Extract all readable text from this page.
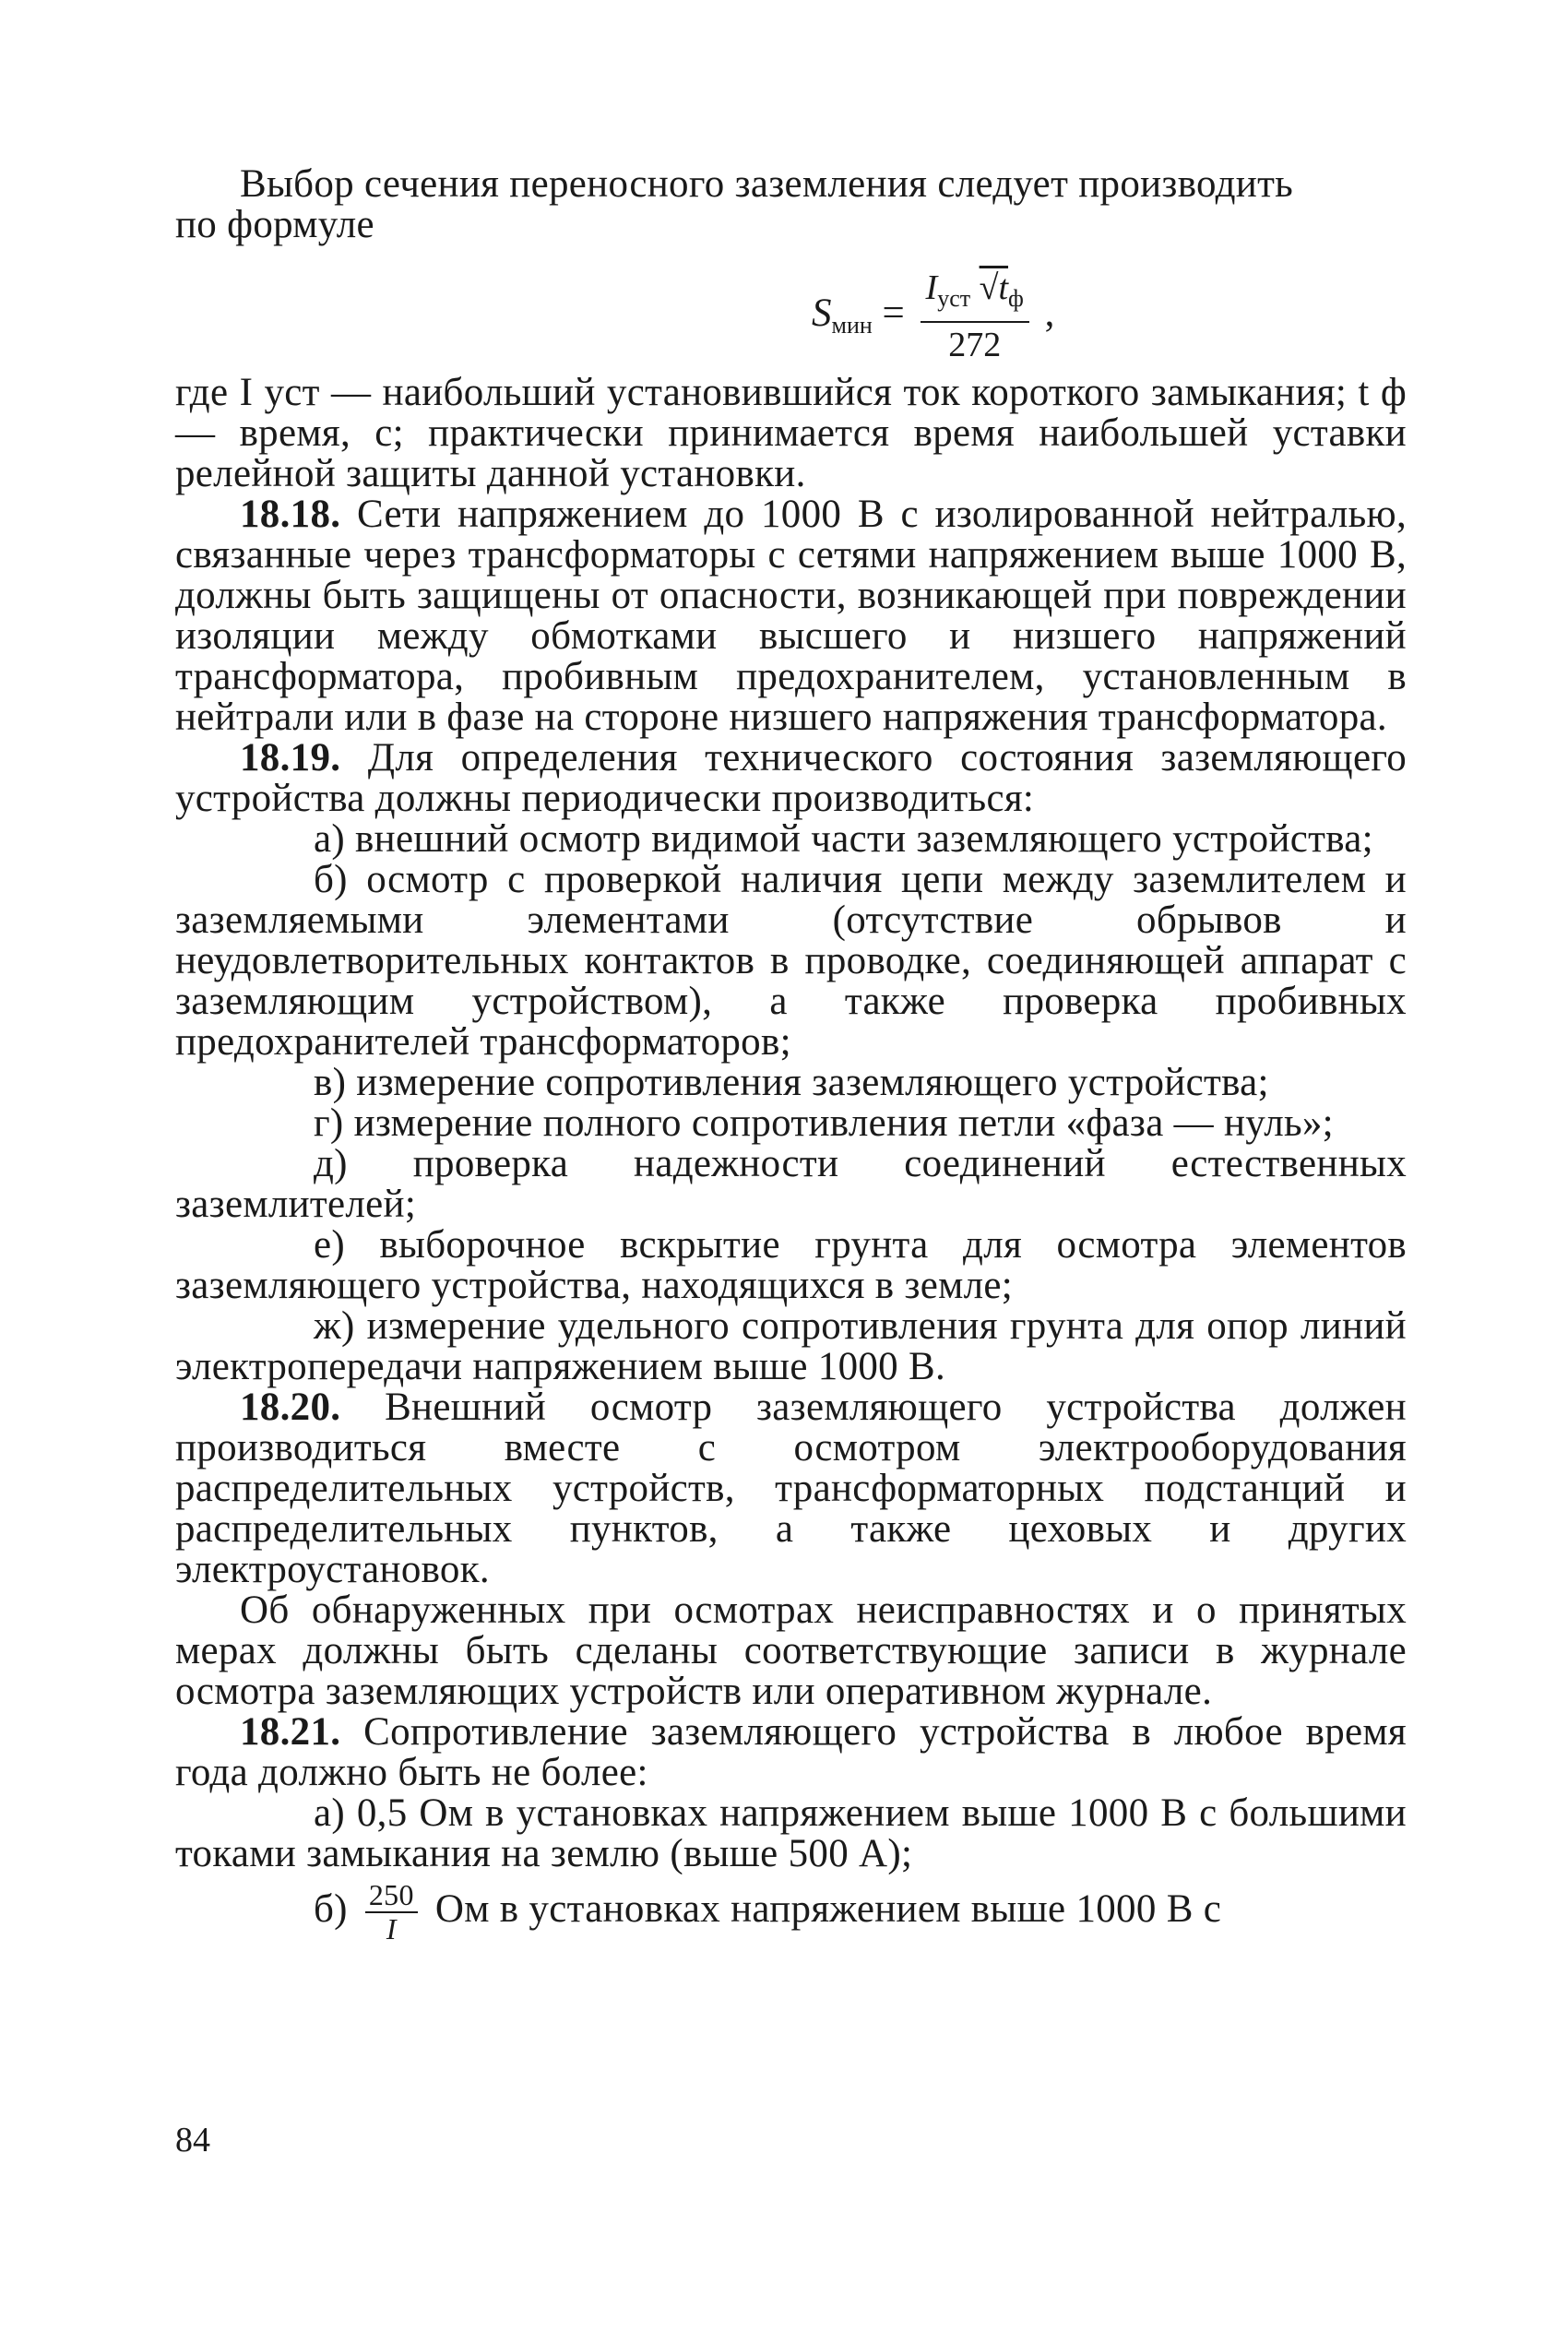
Выбор сечения переносного заземления следует производить

по формуле

$S_{мин} = \frac{I_{уст} √t_ф}{272}$ ,

где I уст — наибольший установившийся ток короткого замыкания; t ф — время, с; практически принимается время наибольшей уставки релейной защиты данной установки.

18.18. Сети напряжением до 1000 В с изолированной нейтралью, связанные через трансформаторы с сетями напряжением выше 1000 В, должны быть защищены от опасности, возникающей при повреждении изоляции между обмотками высшего и низшего напряжений трансформатора, пробивным предохранителем, установленным в нейтрали или в фазе на стороне низшего напряжения трансформатора.

18.19. Для определения технического состояния заземляющего устройства должны периодически производиться:

а) внешний осмотр видимой части заземляющего устройства;

б) осмотр с проверкой наличия цепи между заземлителем и заземляемыми элементами (отсутствие обрывов и неудовлетворительных контактов в проводке, соединяющей аппарат с заземляющим устройством), а также проверка пробивных предохранителей трансформаторов;

в) измерение сопротивления заземляющего устройства;

г) измерение полного сопротивления петли «фаза — нуль»;

д) проверка надежности соединений естественных заземлителей;

е) выборочное вскрытие грунта для осмотра элементов заземляющего устройства, находящихся в земле;

ж) измерение удельного сопротивления грунта для опор линий электропередачи напряжением выше 1000 В.

18.20. Внешний осмотр заземляющего устройства должен производиться вместе с осмотром электрооборудования распределительных устройств, трансформаторных подстанций и распределительных пунктов, а также цеховых и других электроустановок.

Об обнаруженных при осмотрах неисправностях и о принятых мерах должны быть сделаны соответствующие записи в журнале осмотра заземляющих устройств или оперативном журнале.

18.21. Сопротивление заземляющего устройства в любое время года должно быть не более:

а) 0,5 Ом в установках напряжением выше 1000 В с большими токами замыкания на землю (выше 500 А);

$б) \frac{250}{I}$ Ом в установках напряжением выше 1000 В с

84
